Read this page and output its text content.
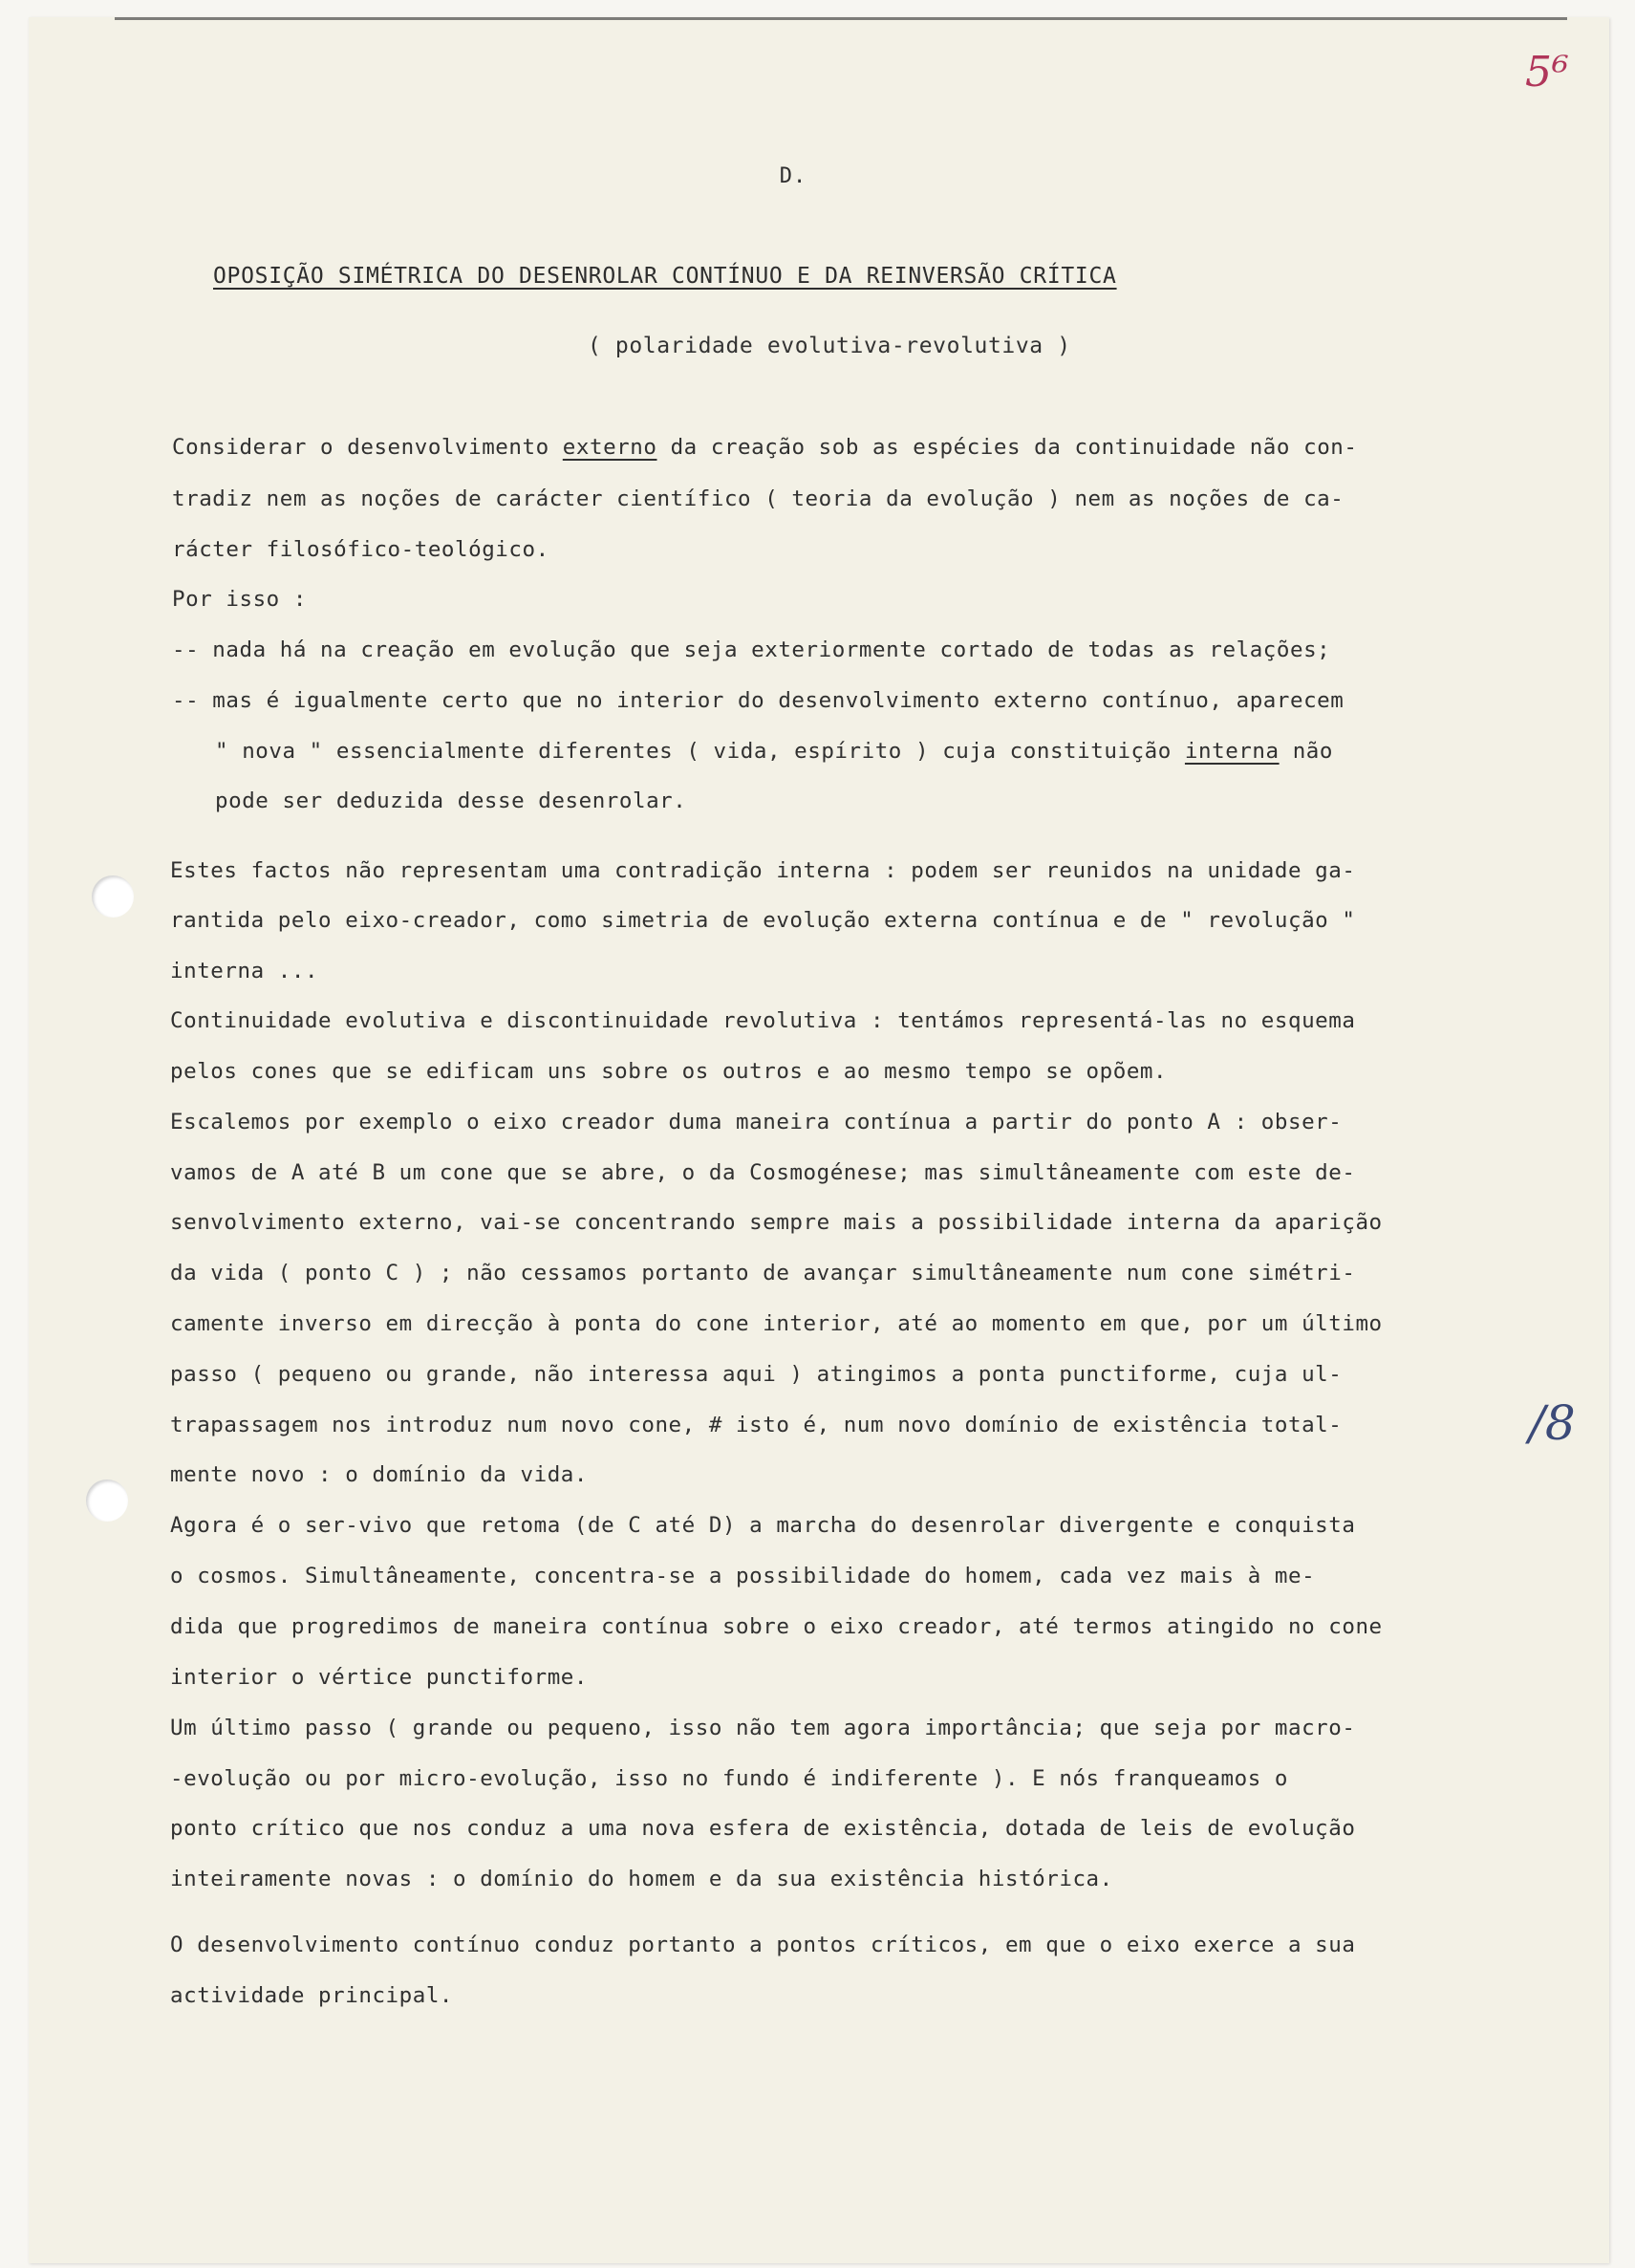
5⁶

/8

D.

OPOSIÇÃO SIMÉTRICA DO DESENROLAR CONTÍNUO E DA REINVERSÃO CRÍTICA

( polaridade evolutiva-revolutiva )

Considerar o desenvolvimento externo da creação sob as espécies da continuidade não con-

tradiz nem as noções de carácter científico ( teoria da evolução ) nem as noções de ca-

rácter filosófico-teológico.

Por isso :

-- nada há na creação em evolução que seja exteriormente cortado de todas as relações;

-- mas é igualmente certo que no interior do desenvolvimento externo contínuo, aparecem

" nova " essencialmente diferentes ( vida, espírito ) cuja constituição interna não

pode ser deduzida desse desenrolar.

Estes factos não representam uma contradição interna : podem ser reunidos na unidade ga-

rantida pelo eixo-creador, como simetria de evolução externa contínua e de " revolução "

interna ...

Continuidade evolutiva e discontinuidade revolutiva : tentámos representá-las no esquema

pelos cones que se edificam uns sobre os outros e ao mesmo tempo se opõem.

Escalemos por exemplo o eixo creador duma maneira contínua a partir do ponto A : obser-

vamos de A até B um cone que se abre, o da Cosmogénese; mas simultâneamente com este de-

senvolvimento externo, vai-se concentrando sempre mais a possibilidade interna da aparição

da vida ( ponto C ) ; não cessamos portanto de avançar simultâneamente num cone simétri-

camente inverso em direcção à ponta do cone interior, até ao momento em que, por um último

passo ( pequeno ou grande, não interessa aqui ) atingimos a ponta punctiforme, cuja ul-

trapassagem nos introduz num novo cone, # isto é, num novo domínio de existência total-

mente novo : o domínio da vida.

Agora é o ser-vivo que retoma (de C até D) a marcha do desenrolar divergente e conquista

o cosmos. Simultâneamente, concentra-se a possibilidade do homem, cada vez mais à me-

dida que progredimos de maneira contínua sobre o eixo creador, até termos atingido no cone

interior o vértice punctiforme.

Um último passo ( grande ou pequeno, isso não tem agora importância; que seja por macro-

-evolução ou por micro-evolução, isso no fundo é indiferente ). E nós franqueamos o

ponto crítico que nos conduz a uma nova esfera de existência, dotada de leis de evolução

inteiramente novas : o domínio do homem e da sua existência histórica.

O desenvolvimento contínuo conduz portanto a pontos críticos, em que o eixo exerce a sua

actividade principal.
